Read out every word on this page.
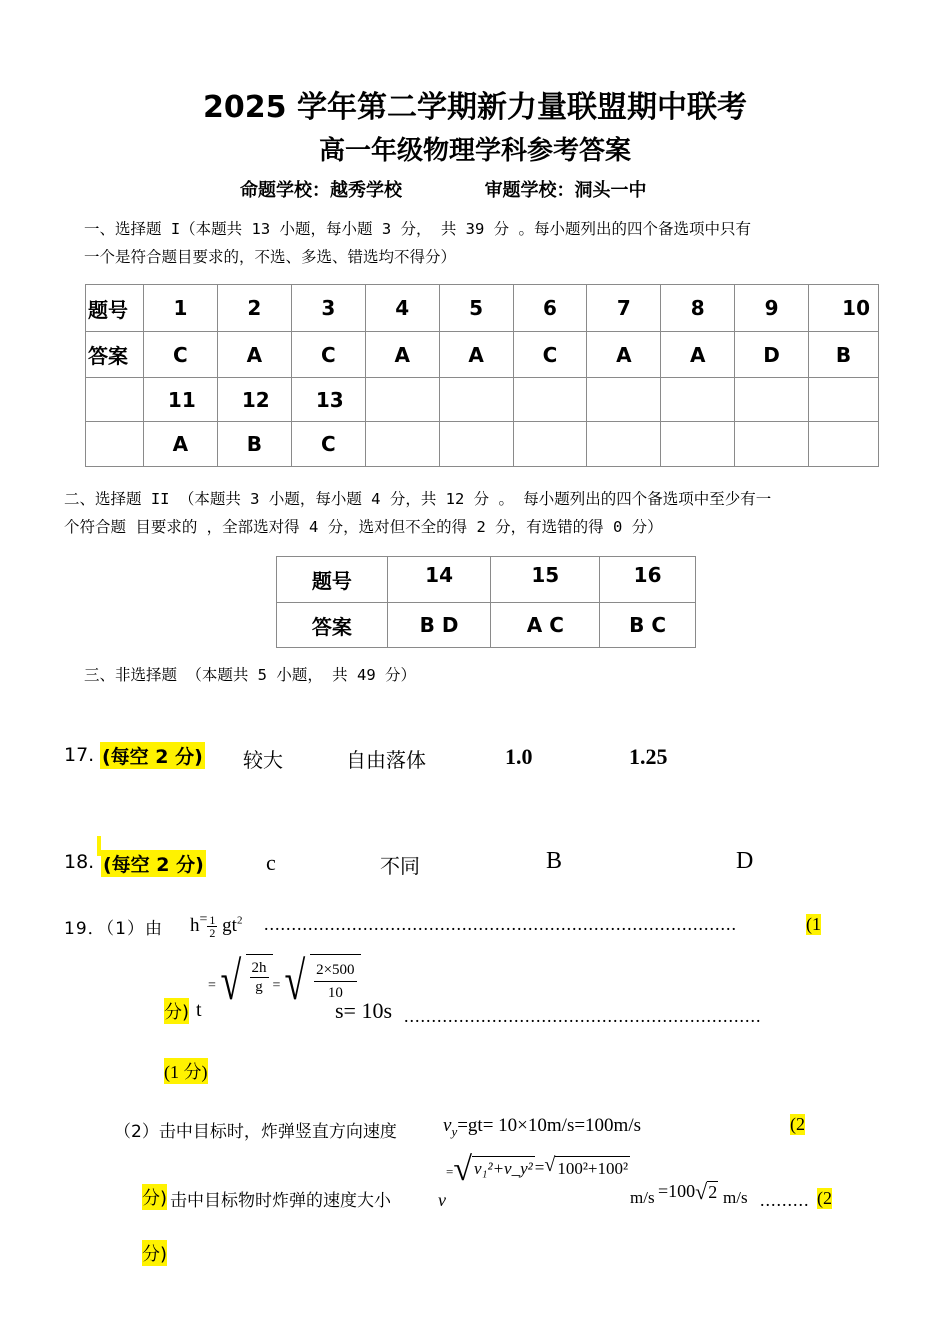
2025 学年第二学期新力量联盟期中联考
高一年级物理学科参考答案
命题学校：越秀学校	审题学校：洞头一中
一、选择题 I（本题共 13 小题，每小题 3 分， 共 39 分 。每小题列出的四个备选项中只有
一个是符合题目要求的，不选、多选、错选均不得分）
题号	1	2	3	4	5	6	7	8	9	10
答案	C	A	C	A	A	C	A	A	D	B
	11	12	13							
	A	B	C							
二、选择题 II （本题共 3 小题，每小题 4 分，共 12 分 。 每小题列出的四个备选项中至少有一
个符合题 目要求的 ，全部选对得 4 分，选对但不全的得 2 分，有选错的得 0 分）
题号	14	15	16
答案	B D	A C	B C
三、非选择题 （本题共 5 小题， 共 49 分）
17. (每空 2 分) 较大	自由落体	1.0	1.25
18. (每空 2 分)	c	不同	B	D
19．（1）由 $h^= \frac{1}{2} gt^2$ ......................................................................................	(1
分) t
= √ $\frac{2h}{g}$ = √ $\frac{2\times 500}{10}$
s= 10s .................................................................
(1 分)
（2）击中目标时，炸弹竖直方向速度 $v_y=gt= 10\times 10m/s=100m/s$	(2
分) 击中目标物时炸弹的速度大小	v
= √ v₁²+v_y² = √ 100²+100²
m/s =100 √ 2 m/s ......... (2
分)
